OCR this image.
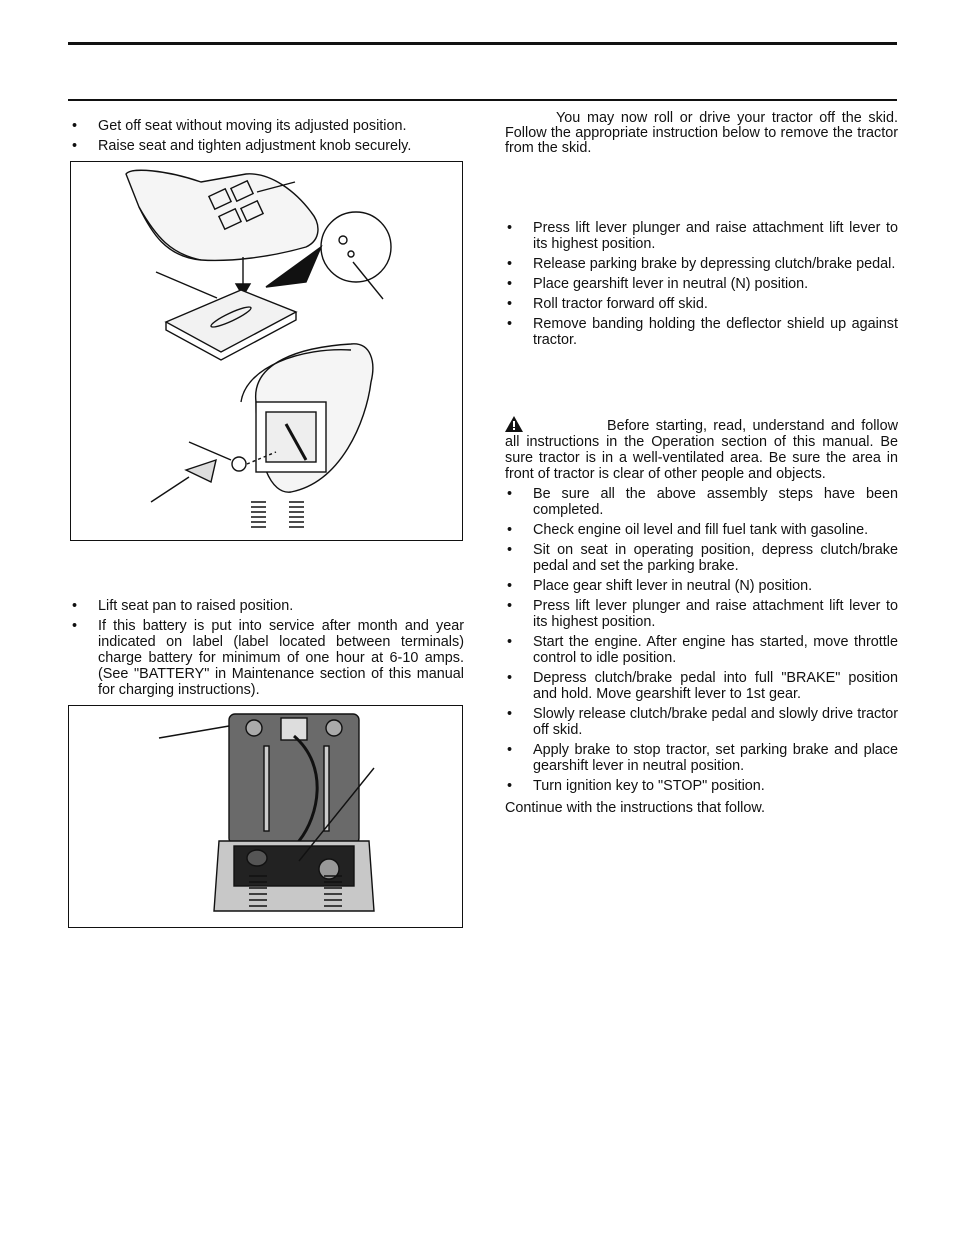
• Get off seat without moving its adjusted position.
• Raise seat and tighten adjustment knob securely.
• Lift seat pan to raised position.
• If this battery is put into service after month and year indicated on label (label located between terminals) charge battery for minimum of one hour at 6-10 amps. (See "BATTERY" in Maintenance section of this manual for charging instructions).

You may now roll or drive your tractor off the skid. Follow the appropriate instruction below to remove the tractor from the skid.

• Press lift lever plunger and raise attachment lift lever to its highest position.
• Release parking brake by depressing clutch/brake pedal.
• Place gearshift lever in neutral (N) position.
• Roll tractor forward off skid.
• Remove banding holding the deflector shield up against tractor.

Before starting, read, understand and follow all instructions in the Operation section of this manual. Be sure tractor is in a well-ventilated area. Be sure the area in front of tractor is clear of other people and objects.

• Be sure all the above assembly steps have been completed.
• Check engine oil level and fill fuel tank with gasoline.
• Sit on seat in operating position, depress clutch/brake pedal and set the parking brake.
• Place gear shift lever in neutral (N) position.
• Press lift lever plunger and raise attachment lift lever to its highest position.
• Start the engine. After engine has started, move throttle control to idle position.
• Depress clutch/brake pedal into full "BRAKE" position and hold. Move gearshift lever to 1st gear.
• Slowly release clutch/brake pedal and slowly drive tractor off skid.
• Apply brake to stop tractor, set parking brake and place gearshift lever in neutral position.
• Turn ignition key to "STOP" position.

Continue with the instructions that follow.
